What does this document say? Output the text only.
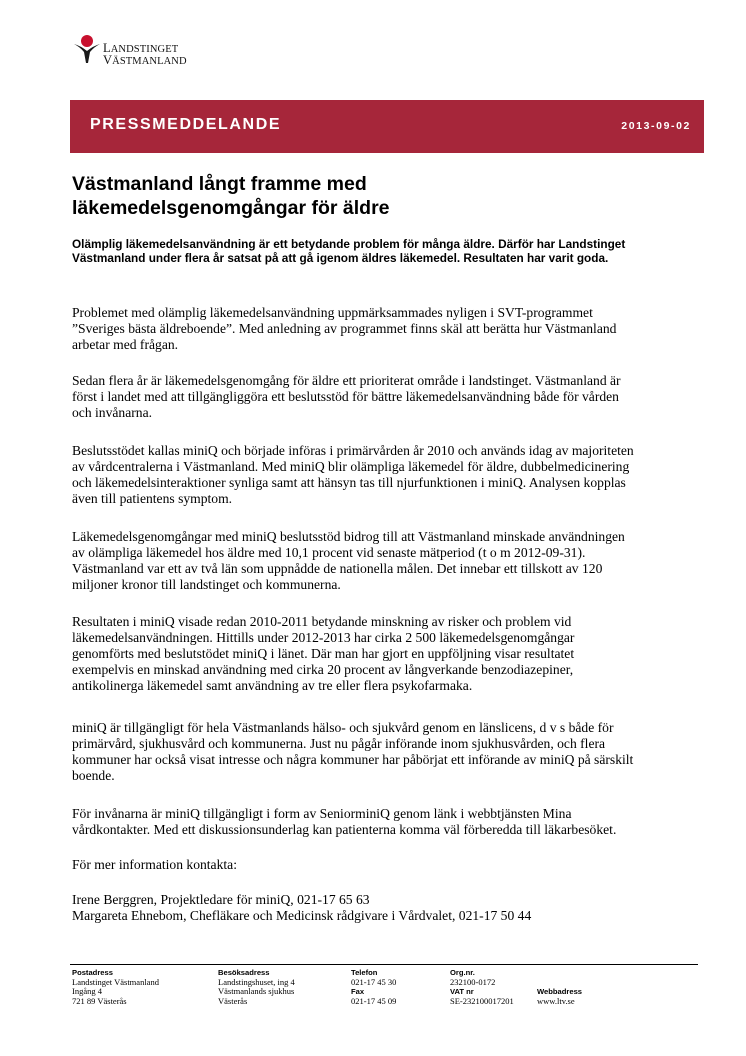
LANDSTINGET
VÄSTMANLAND
PRESSMEDDELANDE	2013-09-02
Västmanland långt framme med
läkemedelsgenomgångar för äldre

Olämplig läkemedelsanvändning är ett betydande problem för många äldre. Därför har Landstinget Västmanland under flera år satsat på att gå igenom äldres läkemedel. Resultaten har varit goda.

Problemet med olämplig läkemedelsanvändning uppmärksammades nyligen i SVT-programmet
”Sveriges bästa äldreboende”. Med anledning av programmet finns skäl att berätta hur Västmanland
arbetar med frågan.
Sedan flera år är läkemedelsgenomgång för äldre ett prioriterat område i landstinget. Västmanland är
först i landet med att tillgängliggöra ett beslutsstöd för bättre läkemedelsanvändning både för vården
och invånarna.
Beslutsstödet kallas miniQ och började införas i primärvården år 2010 och används idag av majoriteten
av vårdcentralerna i Västmanland. Med miniQ blir olämpliga läkemedel för äldre, dubbelmedicinering
och läkemedelsinteraktioner synliga samt att hänsyn tas till njurfunktionen i miniQ. Analysen kopplas
även till patientens symptom.
Läkemedelsgenomgångar med miniQ beslutsstöd bidrog till att Västmanland minskade användningen
av olämpliga läkemedel hos äldre med 10,1 procent vid senaste mätperiod (t o m 2012-09-31).
Västmanland var ett av två län som uppnådde de nationella målen. Det innebar ett tillskott av 120
miljoner kronor till landstinget och kommunerna.
Resultaten i miniQ visade redan 2010-2011 betydande minskning av risker och problem vid
läkemedelsanvändningen. Hittills under 2012-2013 har cirka 2 500 läkemedelsgenomgångar
genomförts med beslutstödet miniQ i länet. Där man har gjort en uppföljning visar resultatet
exempelvis en minskad användning med cirka 20 procent av långverkande benzodiazepiner,
antikolinerga läkemedel samt användning av tre eller flera psykofarmaka.
miniQ är tillgängligt för hela Västmanlands hälso- och sjukvård genom en länslicens, d v s både för
primärvård, sjukhusvård och kommunerna. Just nu pågår införande inom sjukhusvården, och flera
kommuner har också visat intresse och några kommuner har påbörjat ett införande av miniQ på särskilt
boende.
För invånarna är miniQ tillgängligt i form av SeniorminiQ genom länk i webbtjänsten Mina
vårdkontakter. Med ett diskussionsunderlag kan patienterna komma väl förberedda till läkarbesöket.
För mer information kontakta:
Irene Berggren, Projektledare för miniQ, 021-17 65 63
Margareta Ehnebom, Chefläkare och Medicinsk rådgivare i Vårdvalet, 021-17 50 44
Postadress
Landstinget Västmanland
Ingång 4
721 89 Västerås
Besöksadress
Landstingshuset, ing 4
Västmanlands sjukhus
Västerås
Telefon
021-17 45 30
Fax
021-17 45 09
Org.nr.
232100-0172
VAT nr
SE-232100017201
Webbadress
www.ltv.se
